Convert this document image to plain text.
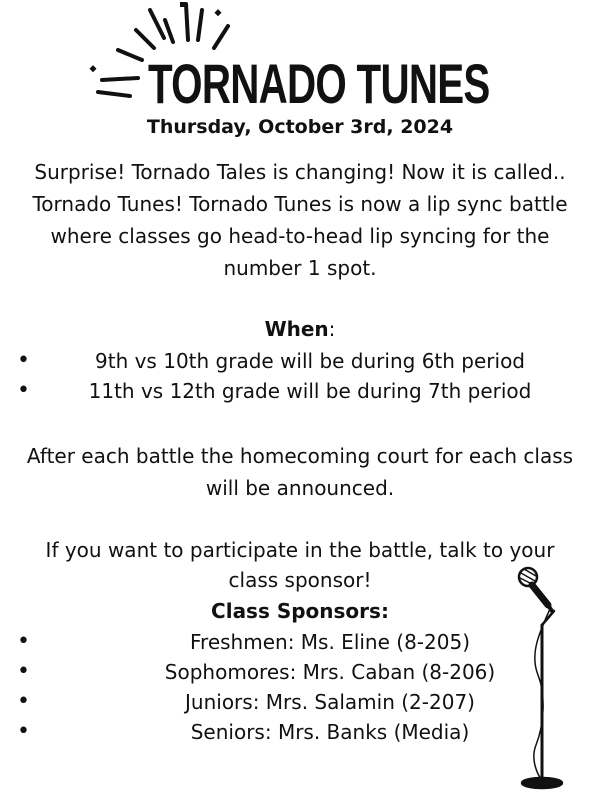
TORNADO TUNES
Thursday, October 3rd, 2024
Surprise! Tornado Tales is changing! Now it is called..
Tornado Tunes! Tornado Tunes is now a lip sync battle
where classes go head-to-head lip syncing for the
number 1 spot.
When:
•	9th vs 10th grade will be during 6th period
•	11th vs 12th grade will be during 7th period
After each battle the homecoming court for each class
will be announced.
If you want to participate in the battle, talk to your
class sponsor!
Class Sponsors:
•	Freshmen: Ms. Eline (8-205)
•	Sophomores: Mrs. Caban (8-206)
•	Juniors: Mrs. Salamin (2-207)
•	Seniors: Mrs. Banks (Media)
